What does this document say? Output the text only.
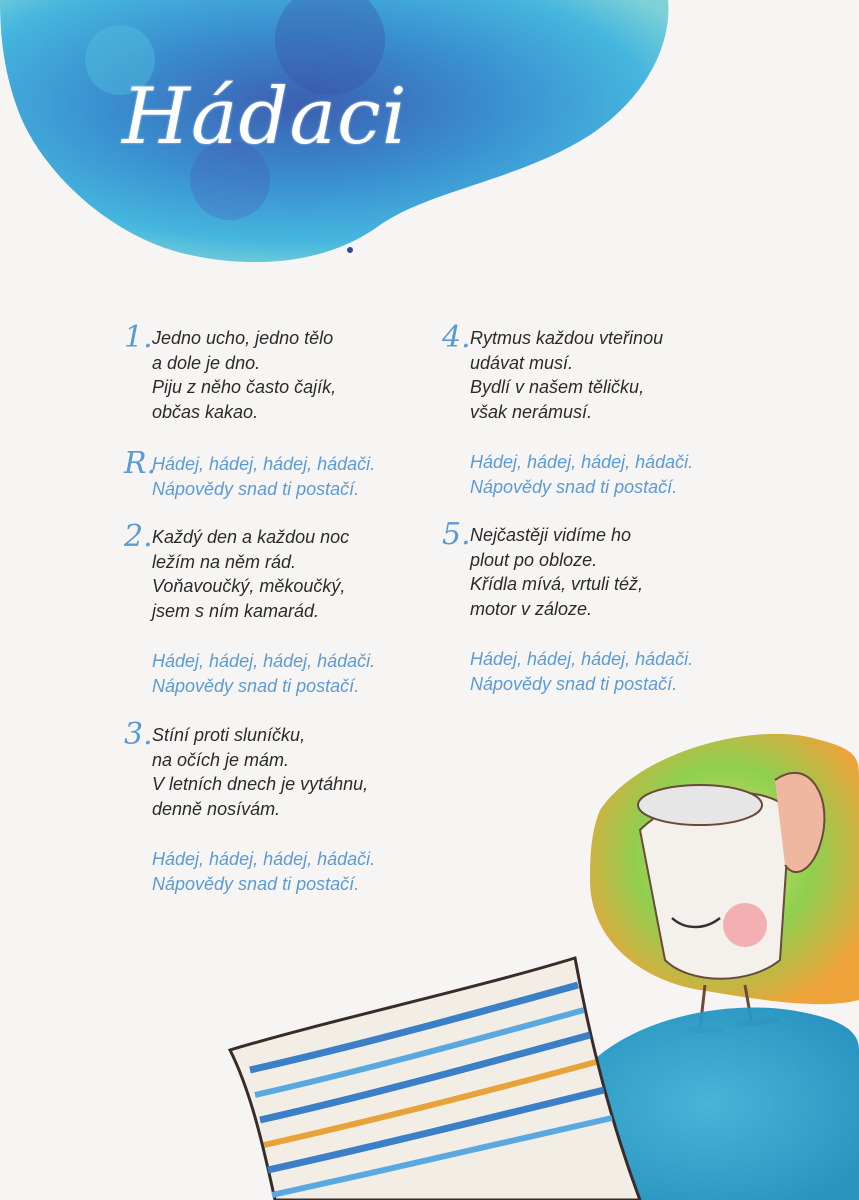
Hádaci
1. Jedno ucho, jedno tělo
a dole je dno.
Piju z něho často čajík,
občas kakao.
R.
Hádej, hádej, hádej, hádači.
Nápovědy snad ti postačí.
2. Každý den a každou noc
ležím na něm rád.
Voňavoučký, měkoučký,
jsem s ním kamarád.
Hádej, hádej, hádej, hádači.
Nápovědy snad ti postačí.
3. Stíní proti sluníčku,
na očích je mám.
V letních dnech je vytáhnu,
denně nosívám.
Hádej, hádej, hádej, hádači.
Nápovědy snad ti postačí.
4. Rytmus každou vteřinou
udávat musí.
Bydlí v našem těličku,
však nerámusí.
Hádej, hádej, hádej, hádači.
Nápovědy snad ti postačí.
5. Nejčastěji vidíme ho
plout po obloze.
Křídla mívá, vrtuli též,
motor v záloze.
Hádej, hádej, hádej, hádači.
Nápovědy snad ti postačí.
